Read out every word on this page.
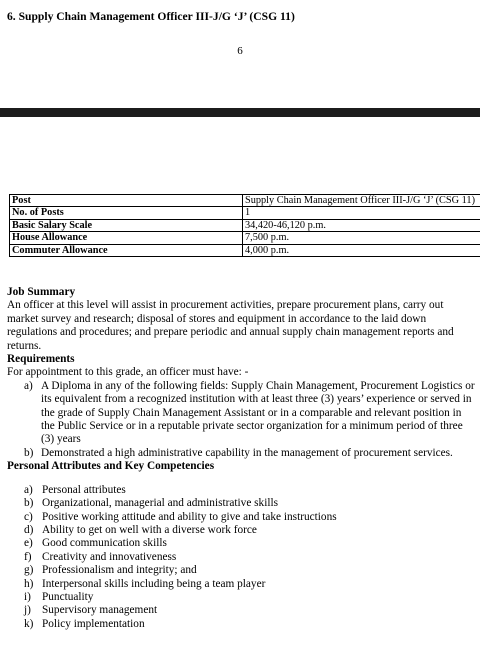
6. Supply Chain Management Officer III-J/G ‘J’ (CSG 11)
6
Post	Supply Chain Management Officer III-J/G ‘J’ (CSG 11)
No. of Posts	1
Basic Salary Scale	34,420-46,120 p.m.
House Allowance	7,500 p.m.
Commuter Allowance	4,000 p.m.
Job Summary

An officer at this level will assist in procurement activities, prepare procurement plans, carry out market survey and research; disposal of stores and equipment in accordance to the laid down regulations and procedures; and prepare periodic and annual supply chain management reports and returns.

Requirements

For appointment to this grade, an officer must have: -

a) A Diploma in any of the following fields: Supply Chain Management, Procurement Logistics or its equivalent from a recognized institution with at least three (3) years’ experience or served in the grade of Supply Chain Management Assistant or in a comparable and relevant position in the Public Service or in a reputable private sector organization for a minimum period of three (3) years
b) Demonstrated a high administrative capability in the management of procurement services.
Personal Attributes and Key Competencies
a) Personal attributes
b) Organizational, managerial and administrative skills
c) Positive working attitude and ability to give and take instructions
d) Ability to get on well with a diverse work force
e) Good communication skills
f) Creativity and innovativeness
g) Professionalism and integrity; and
h) Interpersonal skills including being a team player
i) Punctuality
j) Supervisory management
k) Policy implementation
